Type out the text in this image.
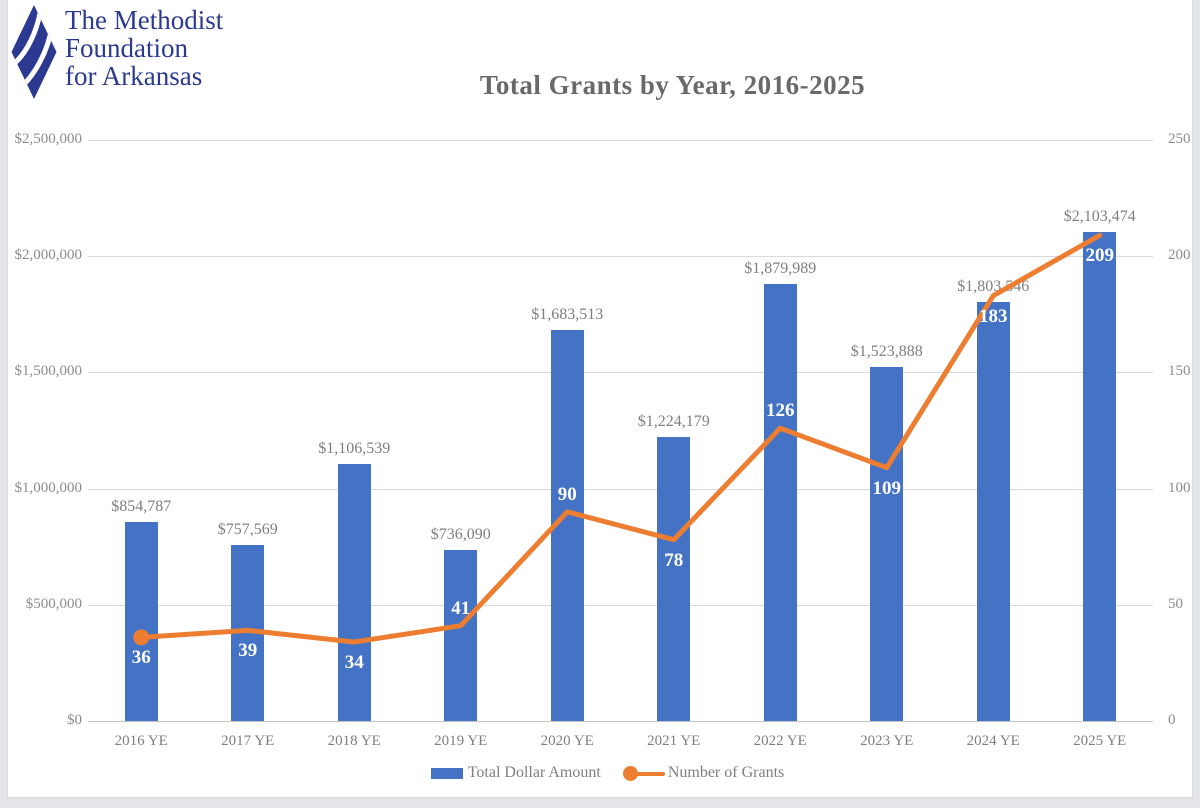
The Methodist
Foundation
for Arkansas	Total Grants by Year, 2016-2025
$854,787
$757,569
$1,106,539
$736,090
$1,683,513
$1,224,179
$1,879,989
$1,523,888
$1,803,546
$2,103,474
36	39
34
41
90
78
126
109
183
209
$0
$500,000
$1,000,000
$1,500,000
$2,000,000
$2,500,000
0
50
100
150
200
250
2016 YE	2017 YE	2018 YE	2019 YE	2020 YE	2021 YE	2022 YE	2023 YE	2024 YE	2025 YE
Total Dollar Amount	Number of Grants
